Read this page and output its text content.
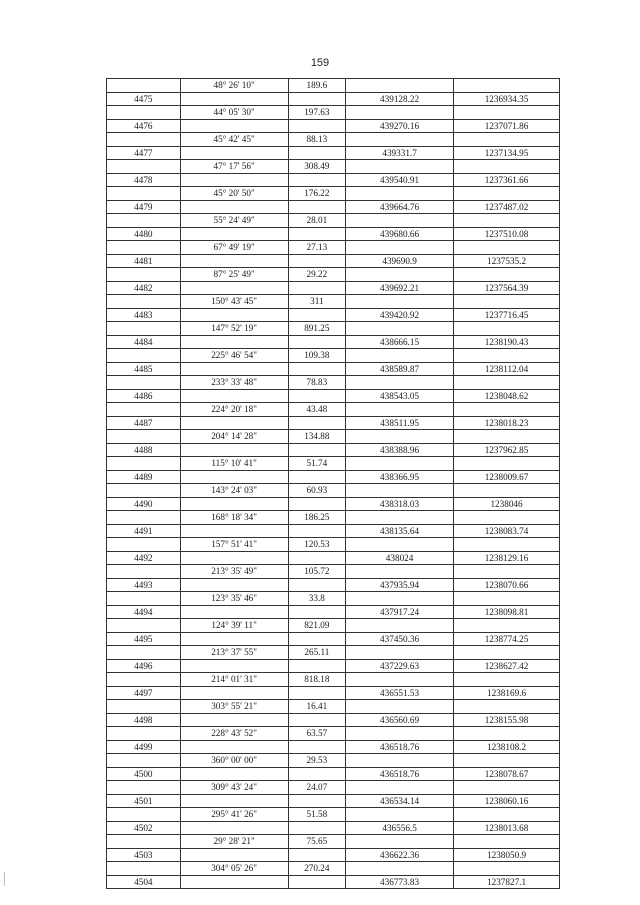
159
	48° 26' 10"	189.6		
4475			439128.22	1236934.35
	44° 05' 30"	197.63		
4476			439270.16	1237071.86
	45° 42' 45"	88.13		
4477			439331.7	1237134.95
	47° 17' 56"	308.49		
4478			439540.91	1237361.66
	45° 20' 50"	176.22		
4479			439664.76	1237487.02
	55° 24' 49"	28.01		
4480			439680.66	1237510.08
	67° 49' 19"	27.13		
4481			439690.9	1237535.2
	87° 25' 49"	29.22		
4482			439692.21	1237564.39
	150° 43' 45"	311		
4483			439420.92	1237716.45
	147° 52' 19"	891.25		
4484			438666.15	1238190.43
	225° 46' 54"	109.38		
4485			438589.87	1238112.04
	233° 33' 48"	78.83		
4486			438543.05	1238048.62
	224° 20' 18"	43.48		
4487			438511.95	1238018.23
	204° 14' 28"	134.88		
4488			438388.96	1237962.85
	115° 10' 41"	51.74		
4489			438366.95	1238009.67
	143° 24' 03"	60.93		
4490			438318.03	1238046
	168° 18' 34"	186.25		
4491			438135.64	1238083.74
	157° 51' 41"	120.53		
4492			438024	1238129.16
	213° 35' 49"	105.72		
4493			437935.94	1238070.66
	123° 35' 46"	33.8		
4494			437917.24	1238098.81
	124° 39' 11"	821.09		
4495			437450.36	1238774.25
	213° 37' 55"	265.11		
4496			437229.63	1238627.42
	214° 01' 31"	818.18		
4497			436551.53	1238169.6
	303° 55' 21"	16.41		
4498			436560.69	1238155.98
	228° 43' 52"	63.57		
4499			436518.76	1238108.2
	360° 00' 00"	29.53		
4500			436518.76	1238078.67
	309° 43' 24"	24.07		
4501			436534.14	1238060.16
	295° 41' 26"	51.58		
4502			436556.5	1238013.68
	29° 28' 21"	75.65		
4503			436622.36	1238050.9
	304° 05' 26"	270.24		
4504			436773.83	1237827.1
